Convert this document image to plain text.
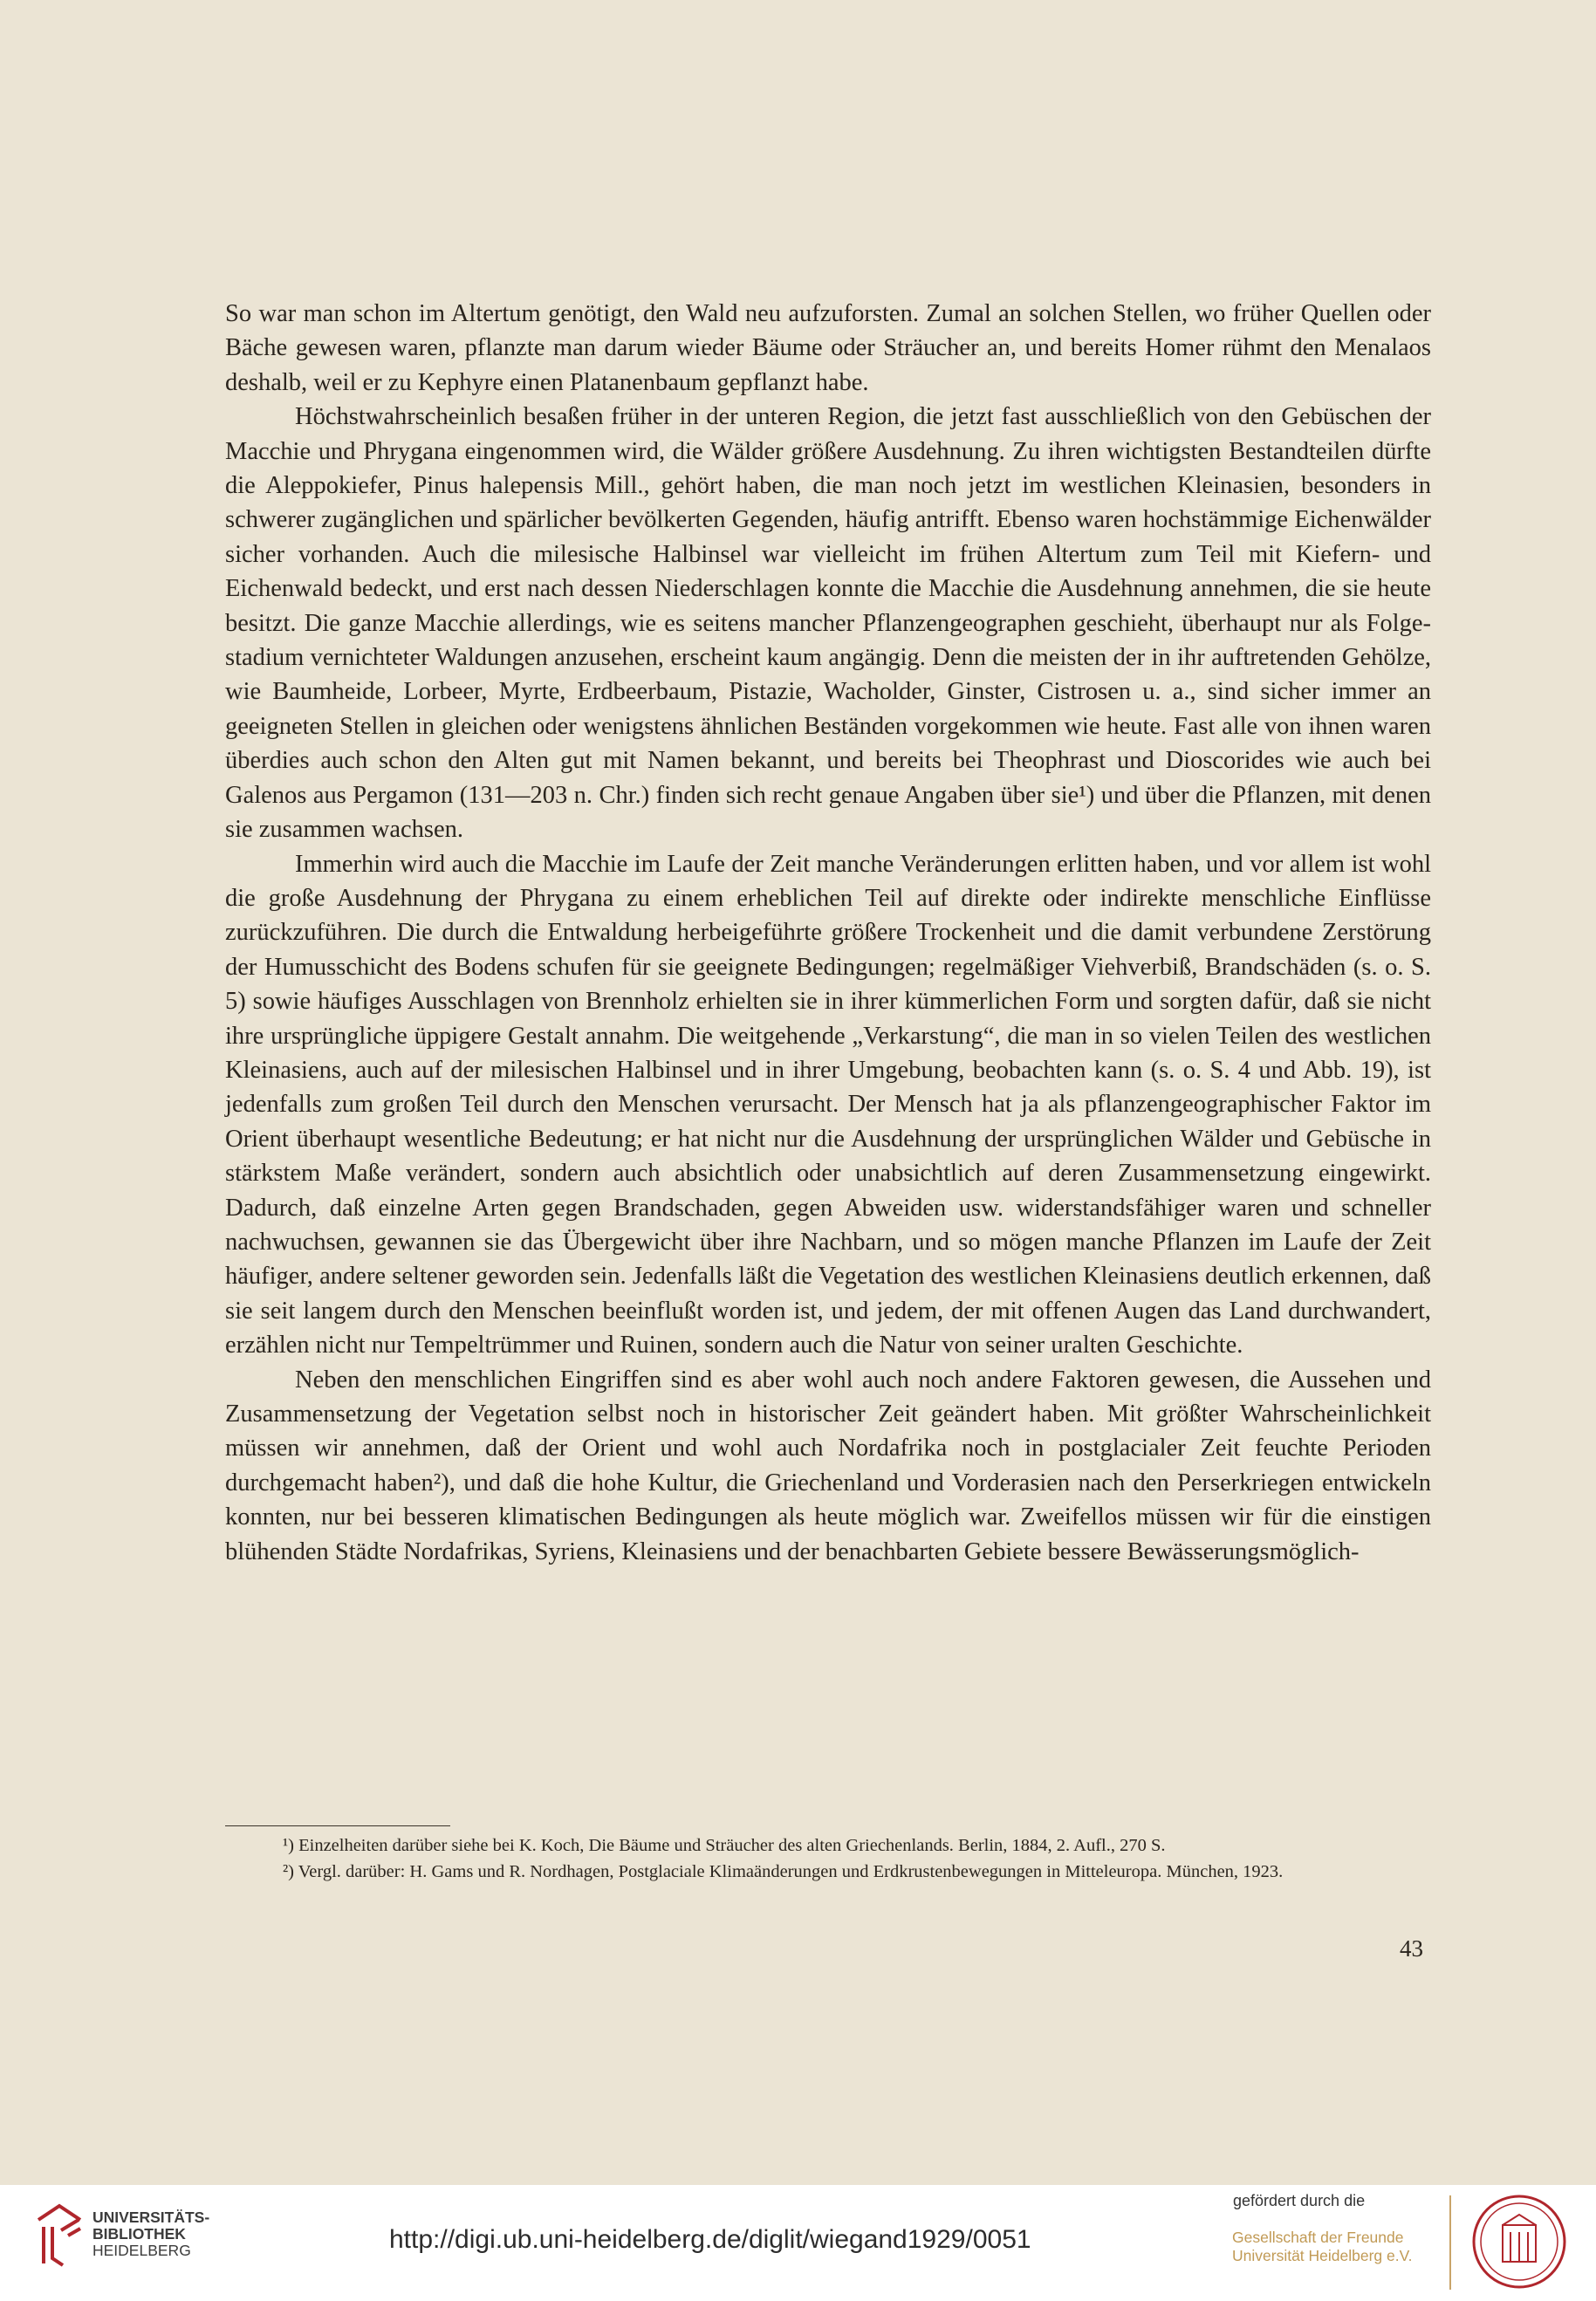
So war man schon im Altertum genötigt, den Wald neu aufzuforsten. Zumal an solchen Stellen, wo früher Quellen oder Bäche gewesen waren, pflanzte man darum wieder Bäume oder Sträucher an, und bereits Homer rühmt den Menalaos deshalb, weil er zu Kephyre einen Platanenbaum gepflanzt habe.

Höchstwahrscheinlich besaßen früher in der unteren Region, die jetzt fast ausschließlich von den Gebüschen der Macchie und Phrygana eingenommen wird, die Wälder größere Ausdehnung. Zu ihren wichtigsten Bestandteilen dürfte die Aleppokiefer, Pinus halepensis Mill., gehört haben, die man noch jetzt im westlichen Kleinasien, besonders in schwerer zugänglichen und spärlicher bevölkerten Gegenden, häufig antrifft. Ebenso waren hochstämmige Eichenwälder sicher vorhanden. Auch die milesische Halbinsel war vielleicht im frühen Altertum zum Teil mit Kiefern- und Eichenwald bedeckt, und erst nach dessen Niederschlagen konnte die Macchie die Ausdehnung annehmen, die sie heute besitzt. Die ganze Macchie allerdings, wie es seitens mancher Pflanzengeographen geschieht, überhaupt nur als Folgestadium vernichteter Waldungen anzusehen, erscheint kaum angängig. Denn die meisten der in ihr auftretenden Gehölze, wie Baumheide, Lorbeer, Myrte, Erdbeerbaum, Pistazie, Wacholder, Ginster, Cistrosen u. a., sind sicher immer an geeigneten Stellen in gleichen oder wenigstens ähnlichen Beständen vorgekommen wie heute. Fast alle von ihnen waren überdies auch schon den Alten gut mit Namen bekannt, und bereits bei Theophrast und Dioscorides wie auch bei Galenos aus Pergamon (131—203 n. Chr.) finden sich recht genaue Angaben über sie¹) und über die Pflanzen, mit denen sie zusammen wachsen.

Immerhin wird auch die Macchie im Laufe der Zeit manche Veränderungen erlitten haben, und vor allem ist wohl die große Ausdehnung der Phrygana zu einem erheblichen Teil auf direkte oder indirekte menschliche Einflüsse zurückzuführen. Die durch die Entwaldung herbeigeführte größere Trockenheit und die damit verbundene Zerstörung der Humusschicht des Bodens schufen für sie geeignete Bedingungen; regelmäßiger Viehverbiß, Brandschäden (s. o. S. 5) sowie häufiges Ausschlagen von Brennholz erhielten sie in ihrer kümmerlichen Form und sorgten dafür, daß sie nicht ihre ursprüngliche üppigere Gestalt annahm. Die weitgehende „Verkarstung“, die man in so vielen Teilen des westlichen Kleinasiens, auch auf der milesischen Halbinsel und in ihrer Umgebung, beobachten kann (s. o. S. 4 und Abb. 19), ist jedenfalls zum großen Teil durch den Menschen verursacht. Der Mensch hat ja als pflanzengeographischer Faktor im Orient überhaupt wesentliche Bedeutung; er hat nicht nur die Ausdehnung der ursprünglichen Wälder und Gebüsche in stärkstem Maße verändert, sondern auch absichtlich oder unabsichtlich auf deren Zusammensetzung eingewirkt. Dadurch, daß einzelne Arten gegen Brandschaden, gegen Abweiden usw. widerstandsfähiger waren und schneller nachwuchsen, gewannen sie das Übergewicht über ihre Nachbarn, und so mögen manche Pflanzen im Laufe der Zeit häufiger, andere seltener geworden sein. Jedenfalls läßt die Vegetation des westlichen Kleinasiens deutlich erkennen, daß sie seit langem durch den Menschen beeinflußt worden ist, und jedem, der mit offenen Augen das Land durchwandert, erzählen nicht nur Tempeltrümmer und Ruinen, sondern auch die Natur von seiner uralten Geschichte.

Neben den menschlichen Eingriffen sind es aber wohl auch noch andere Faktoren gewesen, die Aussehen und Zusammensetzung der Vegetation selbst noch in historischer Zeit geändert haben. Mit größter Wahrscheinlichkeit müssen wir annehmen, daß der Orient und wohl auch Nordafrika noch in postglacialer Zeit feuchte Perioden durchgemacht haben²), und daß die hohe Kultur, die Griechenland und Vorderasien nach den Perserkriegen entwickeln konnten, nur bei besseren klimatischen Bedingungen als heute möglich war. Zweifellos müssen wir für die einstigen blühenden Städte Nordafrikas, Syriens, Kleinasiens und der benachbarten Gebiete bessere Bewässerungsmöglich-

¹) Einzelheiten darüber siehe bei K. Koch, Die Bäume und Sträucher des alten Griechenlands. Berlin, 1884, 2. Aufl., 270 S.

²) Vergl. darüber: H. Gams und R. Nordhagen, Postglaciale Klimaänderungen und Erdkrustenbewegungen in Mitteleuropa. München, 1923.

43
UNIVERSITÄTS-
BIBLIOTHEK
HEIDELBERG	http://digi.ub.uni-heidelberg.de/diglit/wiegand1929/0051
gefördert durch die
Gesellschaft der Freunde
Universität Heidelberg e.V.
